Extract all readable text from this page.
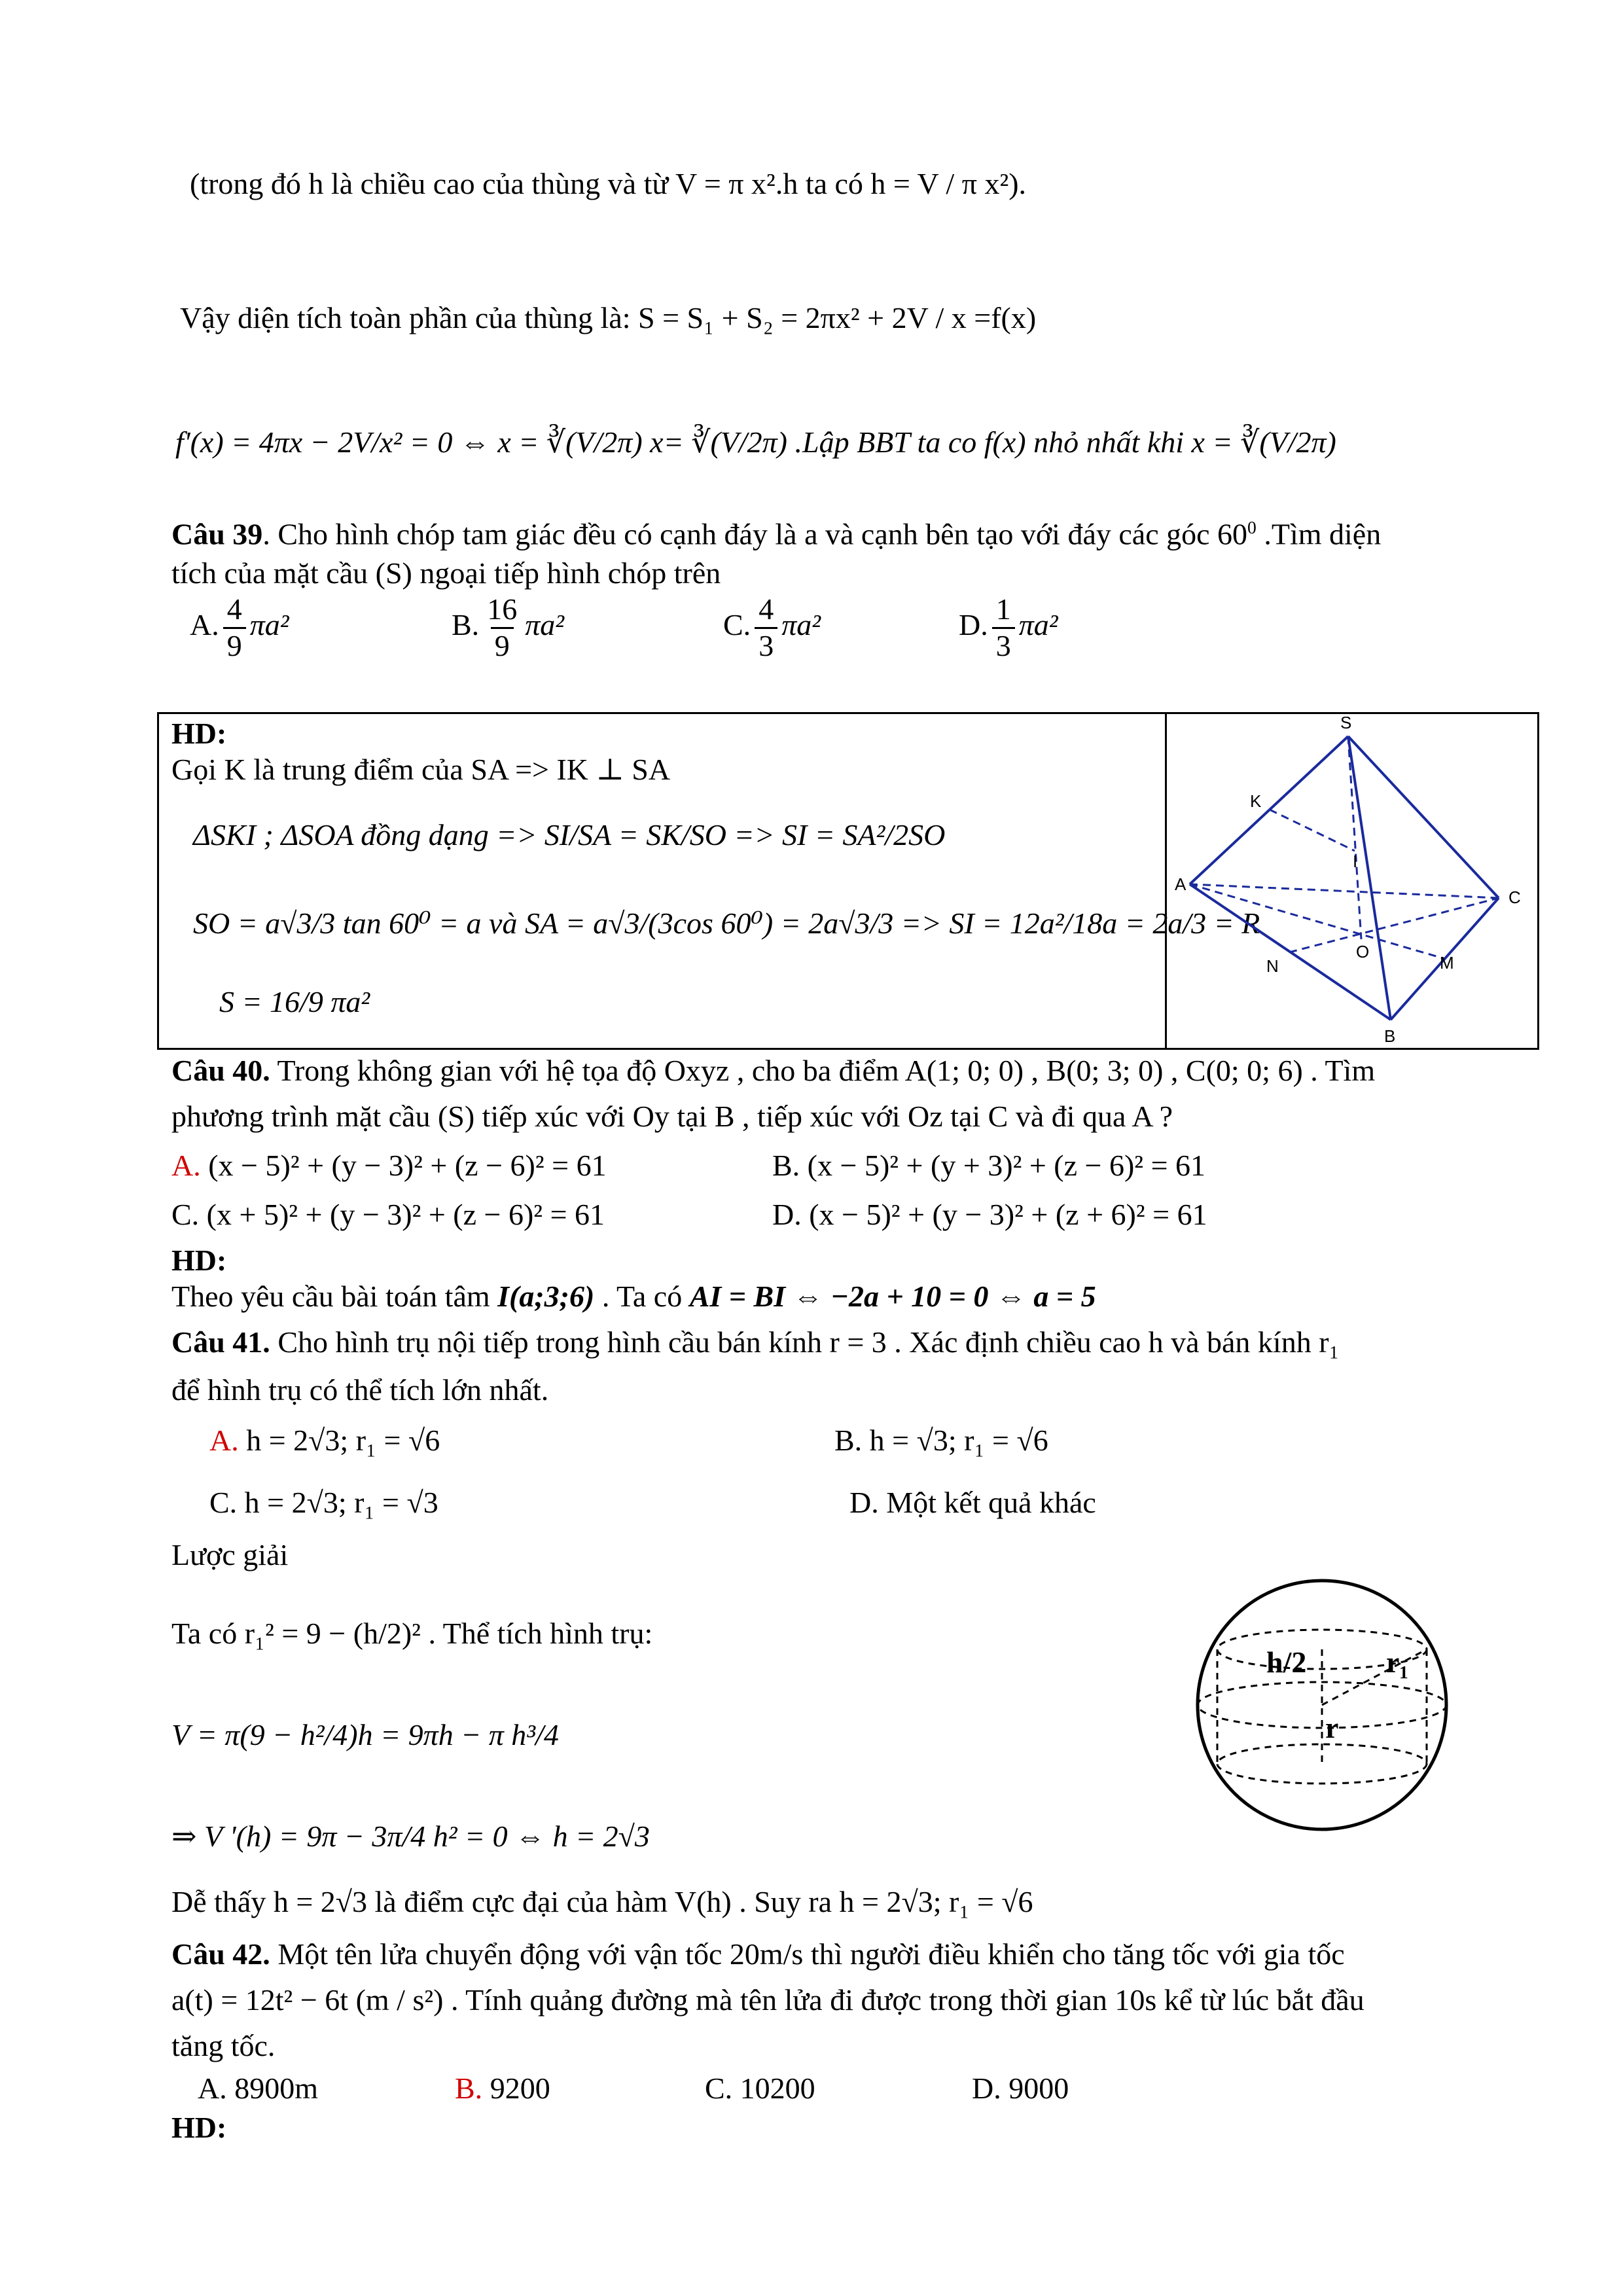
(trong đó h là chiều cao của thùng và từ V = π x².h ta có h = V / π x²).
Vậy diện tích toàn phần của thùng là: S = S₁ + S₂ = 2πx² + 2V / x =f(x)
f'(x) = 4πx − 2V/x² = 0 ⇔ x = ∛(V/2π) x= ∛(V/2π) .Lập BBT ta co f(x) nhỏ nhất khi x = ∛(V/2π)
Câu 39. Cho hình chóp tam giác đều có cạnh đáy là a và cạnh bên tạo với đáy các góc $60^0$ .Tìm diện
tích của mặt cầu (S) ngoại tiếp hình chóp trên
A. $\frac{4}{9} \pi a^2$	B. $\frac{16}{9} \pi a^2$	C. $\frac{4}{3} \pi a^2$	D. $\frac{1}{3} \pi a^2$
HD:
Gọi K là trung điểm của SA => IK ⊥ SA
ΔSKI ; ΔSOA đồng dạng => SI/SA = SK/SO => SI = SA²/2SO
SO = a√3/3 tan 60⁰ = a và SA = a√3/(3cos 60⁰) = 2a√3/3 => SI = 12a²/18a = 2a/3 = R
S = 16/9 πa²
S
K
I
C
O
N	M
B
A
Câu 40. Trong không gian với hệ tọa độ Oxyz , cho ba điểm A(1; 0; 0) , B(0; 3; 0) , C(0; 0; 6) . Tìm
phương trình mặt cầu (S) tiếp xúc với Oy tại B , tiếp xúc với Oz tại C và đi qua A ?
A. (x − 5)² + (y − 3)² + (z − 6)² = 61	B. (x − 5)² + (y + 3)² + (z − 6)² = 61
C. (x + 5)² + (y − 3)² + (z − 6)² = 61	D. (x − 5)² + (y − 3)² + (z + 6)² = 61
HD:
Theo yêu cầu bài toán tâm I(a;3;6) . Ta có AI = BI ⇔ −2a + 10 = 0 ⇔ a = 5
Câu 41. Cho hình trụ nội tiếp trong hình cầu bán kính r = 3 . Xác định chiều cao h và bán kính r₁
để hình trụ có thể tích lớn nhất.
A. h = 2√3; r₁ = √6	B. h = √3; r₁ = √6
C. h = 2√3; r₁ = √3	D. Một kết quả khác
Lược giải
Ta có r₁² = 9 − (h/2)² . Thể tích hình trụ:
V = π(9 − h²/4)h = 9πh − π h³/4
⇒ V '(h) = 9π − 3π/4 h² = 0 ⇔ h = 2√3
Dễ thấy h = 2√3 là điểm cực đại của hàm V(h) . Suy ra h = 2√3; r₁ = √6
h/2	r₁
r
Câu 42. Một tên lửa chuyển động với vận tốc 20m/s thì người điều khiển cho tăng tốc với gia tốc
a(t) = 12t² − 6t (m / s²) . Tính quảng đường mà tên lửa đi được trong thời gian 10s kể từ lúc bắt đầu
tăng tốc.
A. 8900m	B. 9200	C. 10200	D. 9000
HD:
